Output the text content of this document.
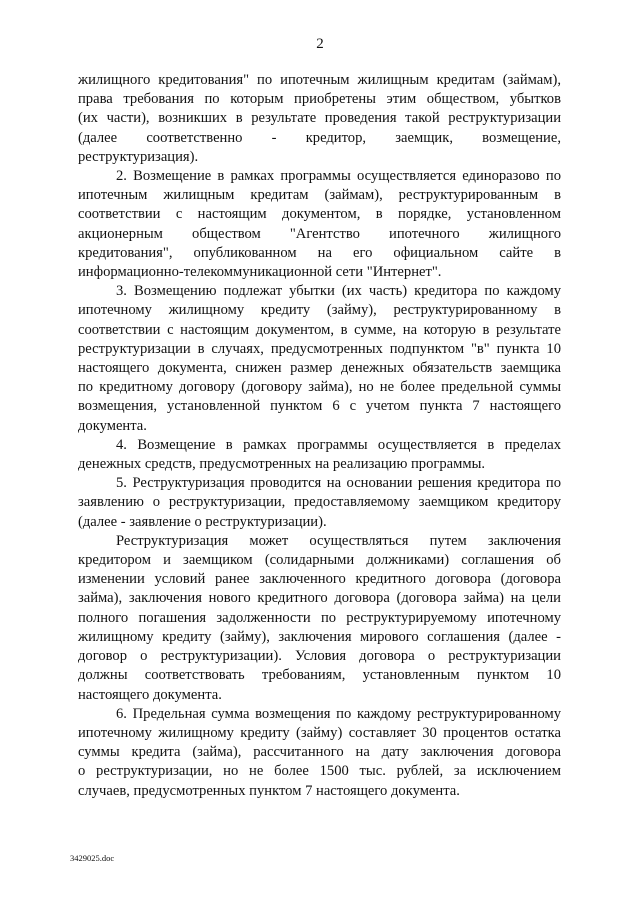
2
жилищного кредитования" по ипотечным жилищным кредитам (займам),
права требования по которым приобретены этим обществом, убытков
(их части), возникших в результате проведения такой реструктуризации
(далее соответственно - кредитор, заемщик, возмещение,
реструктуризация).
2. Возмещение в рамках программы осуществляется единоразово по
ипотечным жилищным кредитам (займам), реструктурированным в
соответствии с настоящим документом, в порядке, установленном
акционерным обществом "Агентство ипотечного жилищного
кредитования", опубликованном на его официальном сайте в
информационно-телекоммуникационной сети "Интернет".
3. Возмещению подлежат убытки (их часть) кредитора по каждому
ипотечному жилищному кредиту (займу), реструктурированному в
соответствии с настоящим документом, в сумме, на которую в результате
реструктуризации в случаях, предусмотренных подпунктом "в" пункта 10
настоящего документа, снижен размер денежных обязательств заемщика
по кредитному договору (договору займа), но не более предельной суммы
возмещения, установленной пунктом 6 с учетом пункта 7 настоящего
документа.
4. Возмещение в рамках программы осуществляется в пределах
денежных средств, предусмотренных на реализацию программы.
5. Реструктуризация проводится на основании решения кредитора по
заявлению о реструктуризации, предоставляемому заемщиком кредитору
(далее - заявление о реструктуризации).
Реструктуризация может осуществляться путем заключения
кредитором и заемщиком (солидарными должниками) соглашения об
изменении условий ранее заключенного кредитного договора (договора
займа), заключения нового кредитного договора (договора займа) на цели
полного погашения задолженности по реструктурируемому ипотечному
жилищному кредиту (займу), заключения мирового соглашения (далее -
договор о реструктуризации). Условия договора о реструктуризации
должны соответствовать требованиям, установленным пунктом 10
настоящего документа.
6. Предельная сумма возмещения по каждому реструктурированному
ипотечному жилищному кредиту (займу) составляет 30 процентов остатка
суммы кредита (займа), рассчитанного на дату заключения договора
о реструктуризации, но не более 1500 тыс. рублей, за исключением
случаев, предусмотренных пунктом 7 настоящего документа.
3429025.doc
